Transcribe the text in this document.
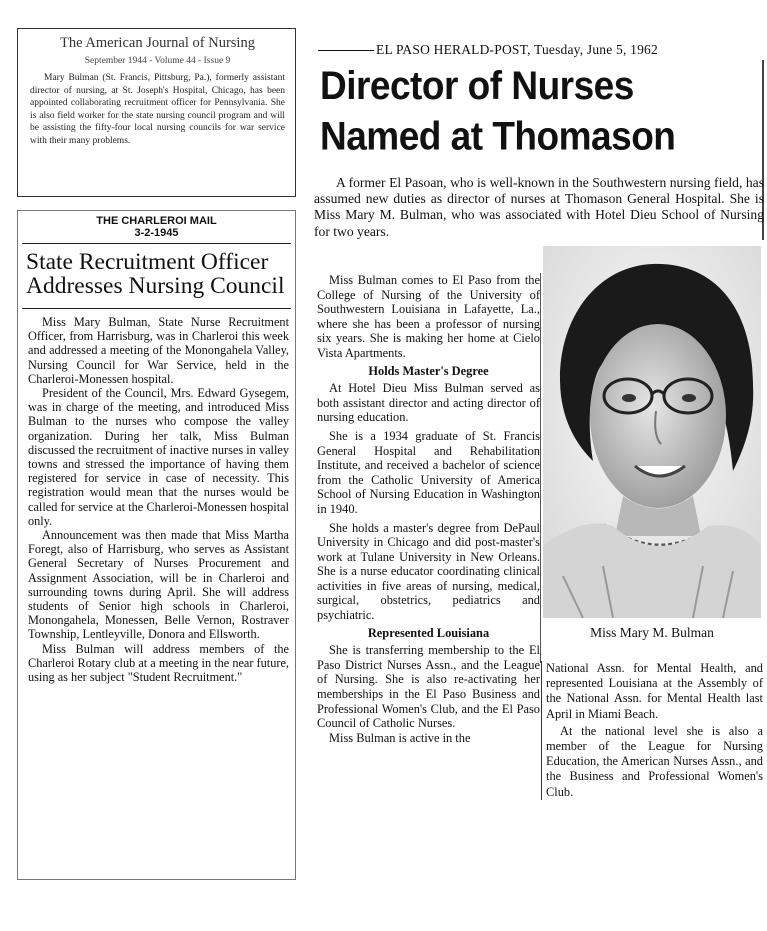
The American Journal of Nursing
September 1944 - Volume 44 - Issue 9

Mary Bulman (St. Francis, Pittsburg, Pa.), formerly assistant director of nursing, at St. Joseph's Hospital, Chicago, has been appointed collaborating recruitment officer for Pennsylvania. She is also field worker for the state nursing council program and will be assisting the fifty-four local nursing councils for war service with their many problems.

THE CHARLEROI MAIL
3-2-1945
State Recruitment Officer Addresses Nursing Council

Miss Mary Bulman, State Nurse Recruitment Officer, from Harrisburg, was in Charleroi this week and addressed a meeting of the Monongahela Valley, Nursing Council for War Service, held in the Charleroi-Monessen hospital.

President of the Council, Mrs. Edward Gysegem, was in charge of the meeting, and introduced Miss Bulman to the nurses who compose the valley organization. During her talk, Miss Bulman discussed the recruitment of inactive nurses in valley towns and stressed the importance of having them registered for service in case of necessity. This registration would mean that the nurses would be called for service at the Charleroi-Monessen hospital only.

Announcement was then made that Miss Martha Foregt, also of Harrisburg, who serves as Assistant General Secretary of Nurses Procurement and Assignment Association, will be in Charleroi and surrounding towns during April. She will address students of Senior high schools in Charleroi, Monongahela, Monessen, Belle Vernon, Rostraver Township, Lentleyville, Donora and Ellsworth.

Miss Bulman will address members of the Charleroi Rotary club at a meeting in the near future, using as her subject "Student Recruitment."

EL PASO HERALD-POST, Tuesday, June 5, 1962
Director of Nurses
Named at Thomason

A former El Pasoan, who is well-known in the Southwestern nursing field, has assumed new duties as director of nurses at Thomason General Hospital. She is Miss Mary M. Bulman, who was associated with Hotel Dieu School of Nursing for two years.

Miss Bulman comes to El Paso from the College of Nursing of the University of Southwestern Louisiana in Lafayette, La., where she has been a professor of nursing six years. She is making her home at Cielo Vista Apartments.

Holds Master's Degree

At Hotel Dieu Miss Bulman served as both assistant director and acting director of nursing education.

She is a 1934 graduate of St. Francis General Hospital and Rehabilitation Institute, and received a bachelor of science from the Catholic University of America School of Nursing Education in Washington in 1940.

She holds a master's degree from DePaul University in Chicago and did post-master's work at Tulane University in New Orleans. She is a nurse educator coordinating clinical activities in five areas of nursing, medical, surgical, obstetrics, pediatrics and psychiatric.

Represented Louisiana

She is transferring membership to the El Paso District Nurses Assn., and the League of Nursing. She is also re-activating her memberships in the El Paso Business and Professional Women's Club, and the El Paso Council of Catholic Nurses.

Miss Bulman is active in the

Miss Mary M. Bulman

National Assn. for Mental Health, and represented Louisiana at the Assembly of the National Assn. for Mental Health last April in Miami Beach.

At the national level she is also a member of the League for Nursing Education, the American Nurses Assn., and the Business and Professional Women's Club.
